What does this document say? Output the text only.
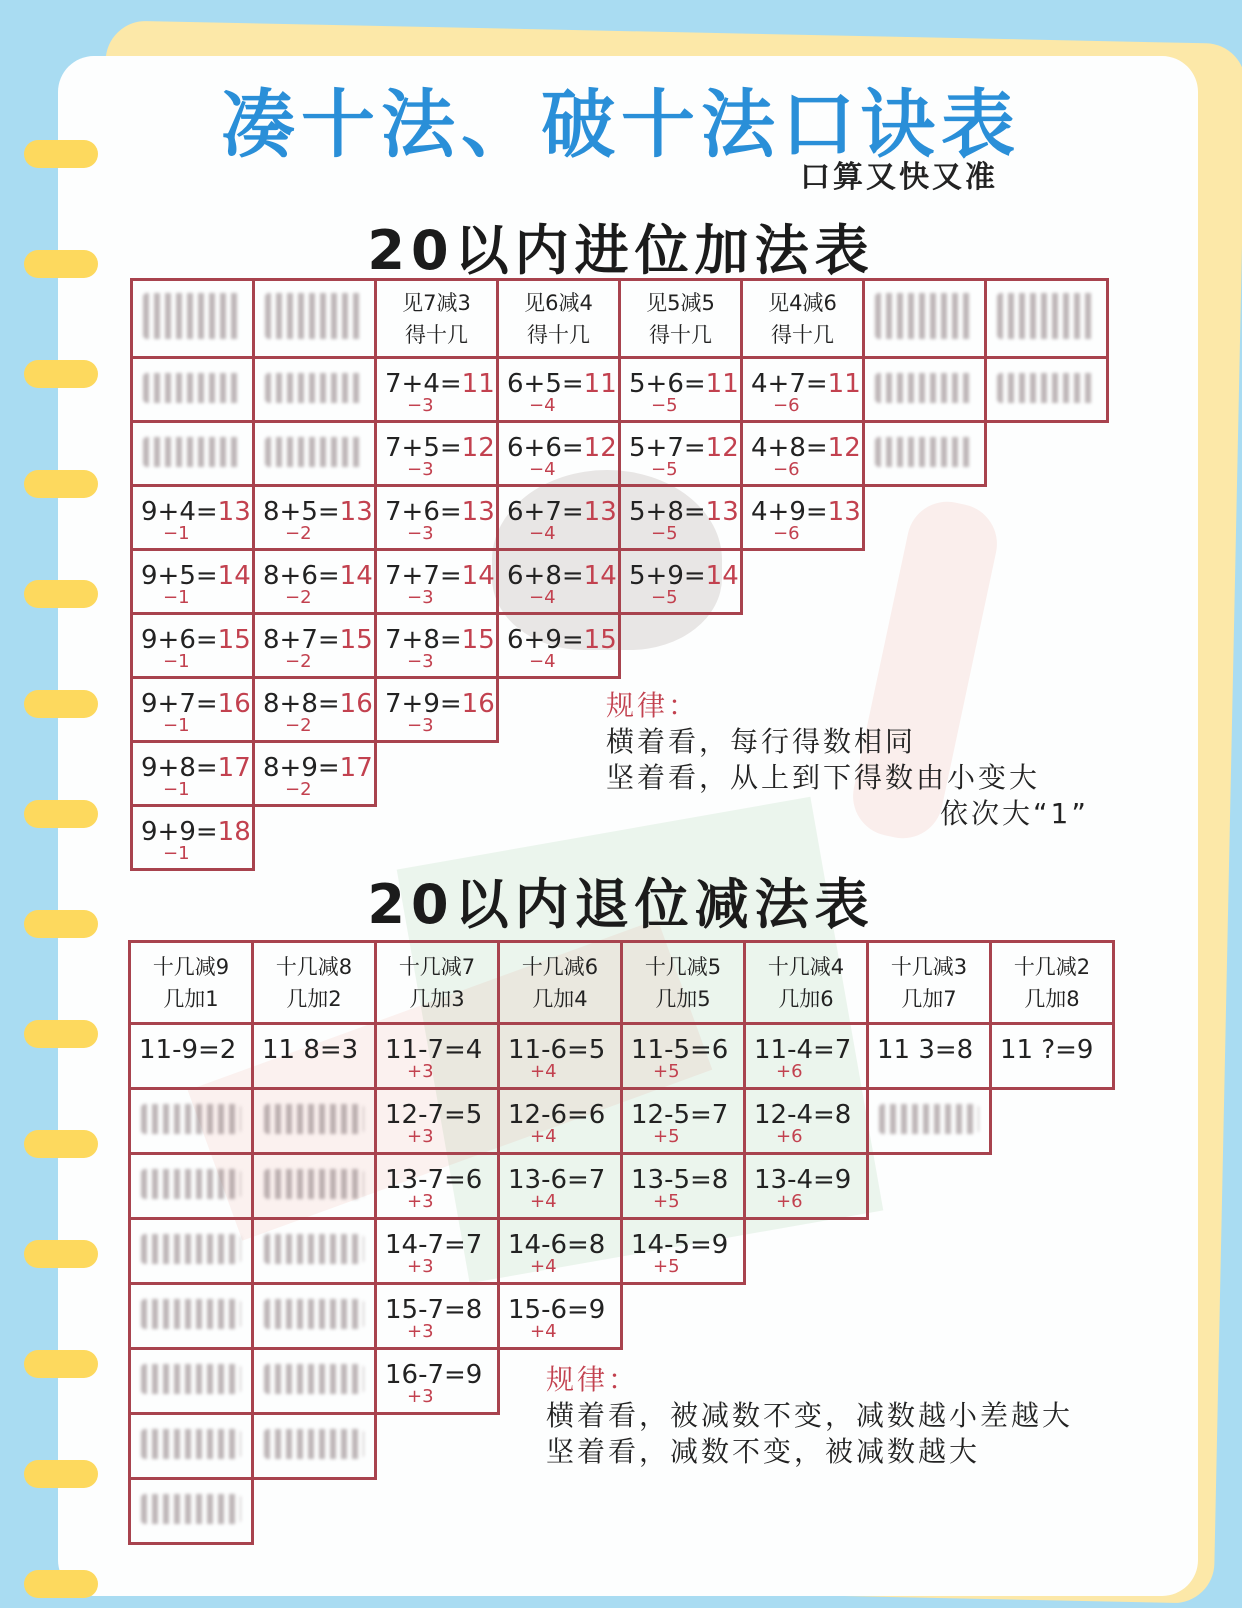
凑十法、破十法口诀表
口算又快又准
20以内进位加法表
见7减3
得十几
见6减4
得十几
见5减5
得十几
见4减6
得十几
9+4=13
−1
9+5=14
−1
9+6=15
−1
9+7=16
−1
9+8=17
−1
9+9=18
−1
8+5=13
−2
8+6=14
−2
8+7=15
−2
8+8=16
−2
8+9=17
−2
7+4=11
−3
7+5=12
−3
7+6=13
−3
7+7=14
−3
7+8=15
−3
7+9=16
−3
6+5=11
−4
6+6=12
−4
6+7=13
−4
6+8=14
−4
6+9=15
−4
5+6=11
−5
5+7=12
−5
5+8=13
−5
5+9=14
−5
4+7=11
−6
4+8=12
−6
4+9=13
−6
规律：
横着看，每行得数相同
坚着看，从上到下得数由小变大
依次大“1”
20以内退位减法表
十几减9
几加1
十几减8
几加2
十几减7
几加3
十几减6
几加4
十几减5
几加5
十几减4
几加6
十几减3
几加7
十几减2
几加8
11-9=2 11 8=3 11-7=4
+3
12-7=5
+3
13-7=6
+3
14-7=7
+3
15-7=8
+3
16-7=9
+3
11-6=5
+4
12-6=6
+4
13-6=7
+4
14-6=8
+4
15-6=9
+4
11-5=6
+5
12-5=7
+5
13-5=8
+5
14-5=9
+5
11-4=7
+6
12-4=8
+6
13-4=9
+6
11 3=8 11 ?=9
规律：
横着看，被减数不变，减数越小差越大
坚着看，减数不变，被减数越大
